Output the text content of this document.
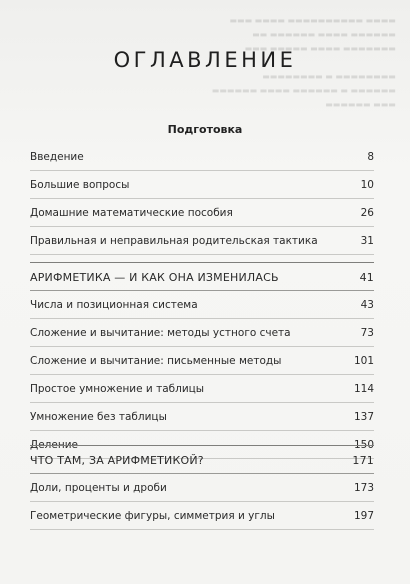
▬▬▬▬ ▬▬▬▬▬▬▬▬▬▬ ▬▬▬▬ ▬▬▬
▬▬▬▬▬▬ ▬▬▬▬ ▬▬▬▬▬▬ ▬▬
▬▬▬▬▬▬▬ ▬▬▬▬ ▬▬▬▬▬ ▬▬▬

▬▬▬▬▬▬▬▬ ▬ ▬▬▬▬▬▬▬▬
▬▬▬▬▬▬ ▬ ▬▬▬▬▬▬ ▬▬▬▬ ▬▬▬▬▬▬
▬▬▬ ▬▬▬▬▬▬
ОГЛАВЛЕНИЕ
Подготовка
Введение	8
Большие вопросы	10
Домашние математические пособия	26
Правильная и неправильная родительская тактика	31
АРИФМЕТИКА — И КАК ОНА ИЗМЕНИЛАСЬ	41
Числа и позиционная система	43
Сложение и вычитание: методы устного счета	73
Сложение и вычитание: письменные методы	101
Простое умножение и таблицы	114
Умножение без таблицы	137
Деление	150
ЧТО ТАМ, ЗА АРИФМЕТИКОЙ?	171
Доли, проценты и дроби	173
Геометрические фигуры, симметрия и углы	197
